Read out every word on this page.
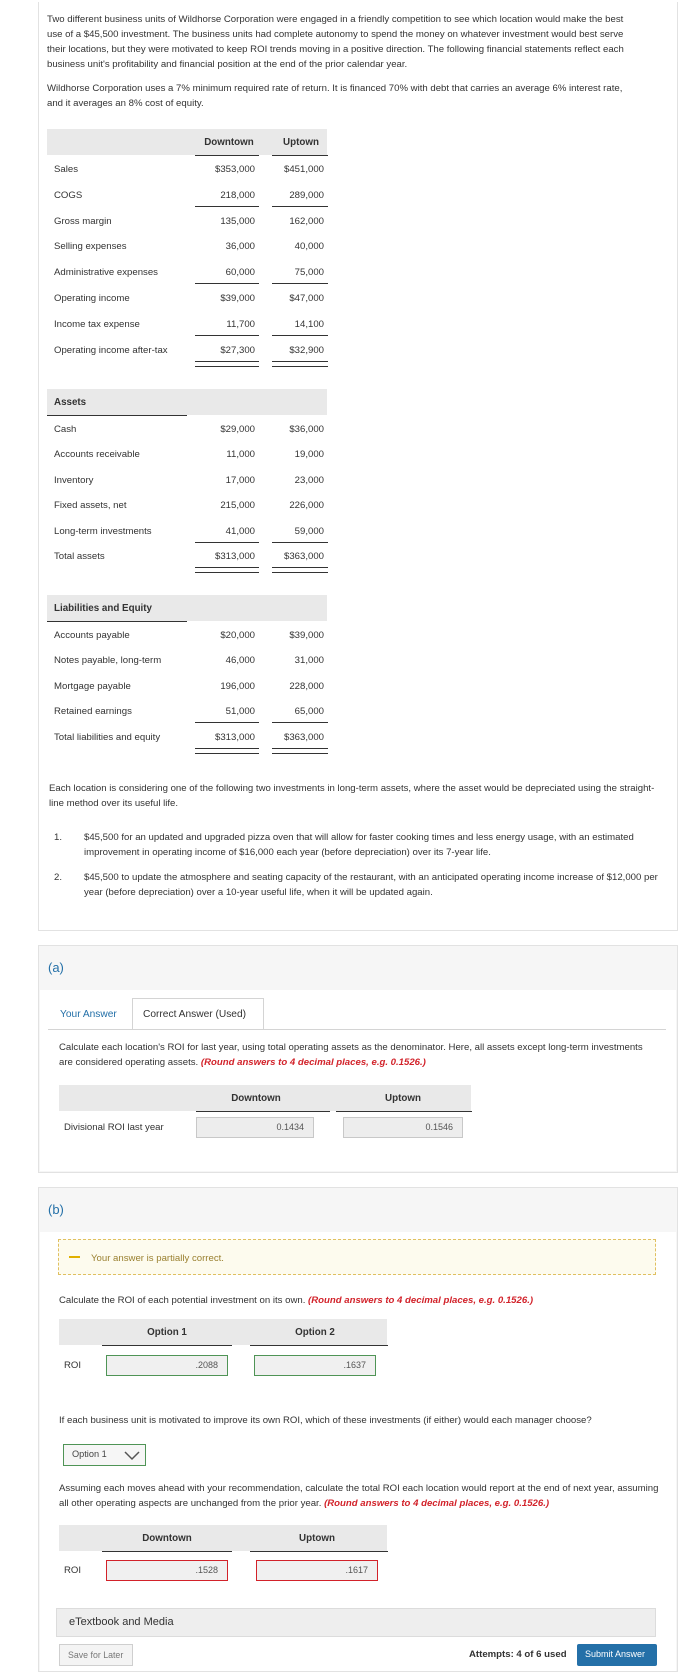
Two different business units of Wildhorse Corporation were engaged in a friendly competition to see which location would make the best use of a $45,500 investment. The business units had complete autonomy to spend the money on whatever investment would best serve their locations, but they were motivated to keep ROI trends moving in a positive direction. The following financial statements reflect each business unit's profitability and financial position at the end of the prior calendar year.
Wildhorse Corporation uses a 7% minimum required rate of return. It is financed 70% with debt that carries an average 6% interest rate, and it averages an 8% cost of equity.
Downtown	Uptown
Sales	$353,000	$451,000
COGS	218,000	289,000
Gross margin	135,000	162,000
Selling expenses	36,000	40,000
Administrative expenses	60,000	75,000
Operating income	$39,000	$47,000
Income tax expense	11,700	14,100
Operating income after-tax	$27,300	$32,900
Assets
Cash	$29,000	$36,000
Accounts receivable	11,000	19,000
Inventory	17,000	23,000
Fixed assets, net	215,000	226,000
Long-term investments	41,000	59,000
Total assets	$313,000	$363,000
Liabilities and Equity
Accounts payable	$20,000	$39,000
Notes payable, long-term	46,000	31,000
Mortgage payable	196,000	228,000
Retained earnings	51,000	65,000
Total liabilities and equity	$313,000	$363,000
Each location is considering one of the following two investments in long-term assets, where the asset would be depreciated using the straight-line method over its useful life.
1. $45,500 for an updated and upgraded pizza oven that will allow for faster cooking times and less energy usage, with an estimated improvement in operating income of $16,000 each year (before depreciation) over its 7-year life.
2. $45,500 to update the atmosphere and seating capacity of the restaurant, with an anticipated operating income increase of $12,000 per year (before depreciation) over a 10-year useful life, when it will be updated again.
(a)
Your Answer	Correct Answer (Used)
Calculate each location's ROI for last year, using total operating assets as the denominator. Here, all assets except long-term investments are considered operating assets. (Round answers to 4 decimal places, e.g. 0.1526.)
Downtown	Uptown
Divisional ROI last year	0.1434	0.1546
(b)
Your answer is partially correct.
Calculate the ROI of each potential investment on its own. (Round answers to 4 decimal places, e.g. 0.1526.)
Option 1	Option 2
ROI	.2088	.1637
If each business unit is motivated to improve its own ROI, which of these investments (if either) would each manager choose?
Option 1
Assuming each moves ahead with your recommendation, calculate the total ROI each location would report at the end of next year, assuming all other operating aspects are unchanged from the prior year. (Round answers to 4 decimal places, e.g. 0.1526.)
Downtown	Uptown
ROI	.1528	.1617
eTextbook and Media
Save for Later	Attempts: 4 of 6 used Submit Answer
